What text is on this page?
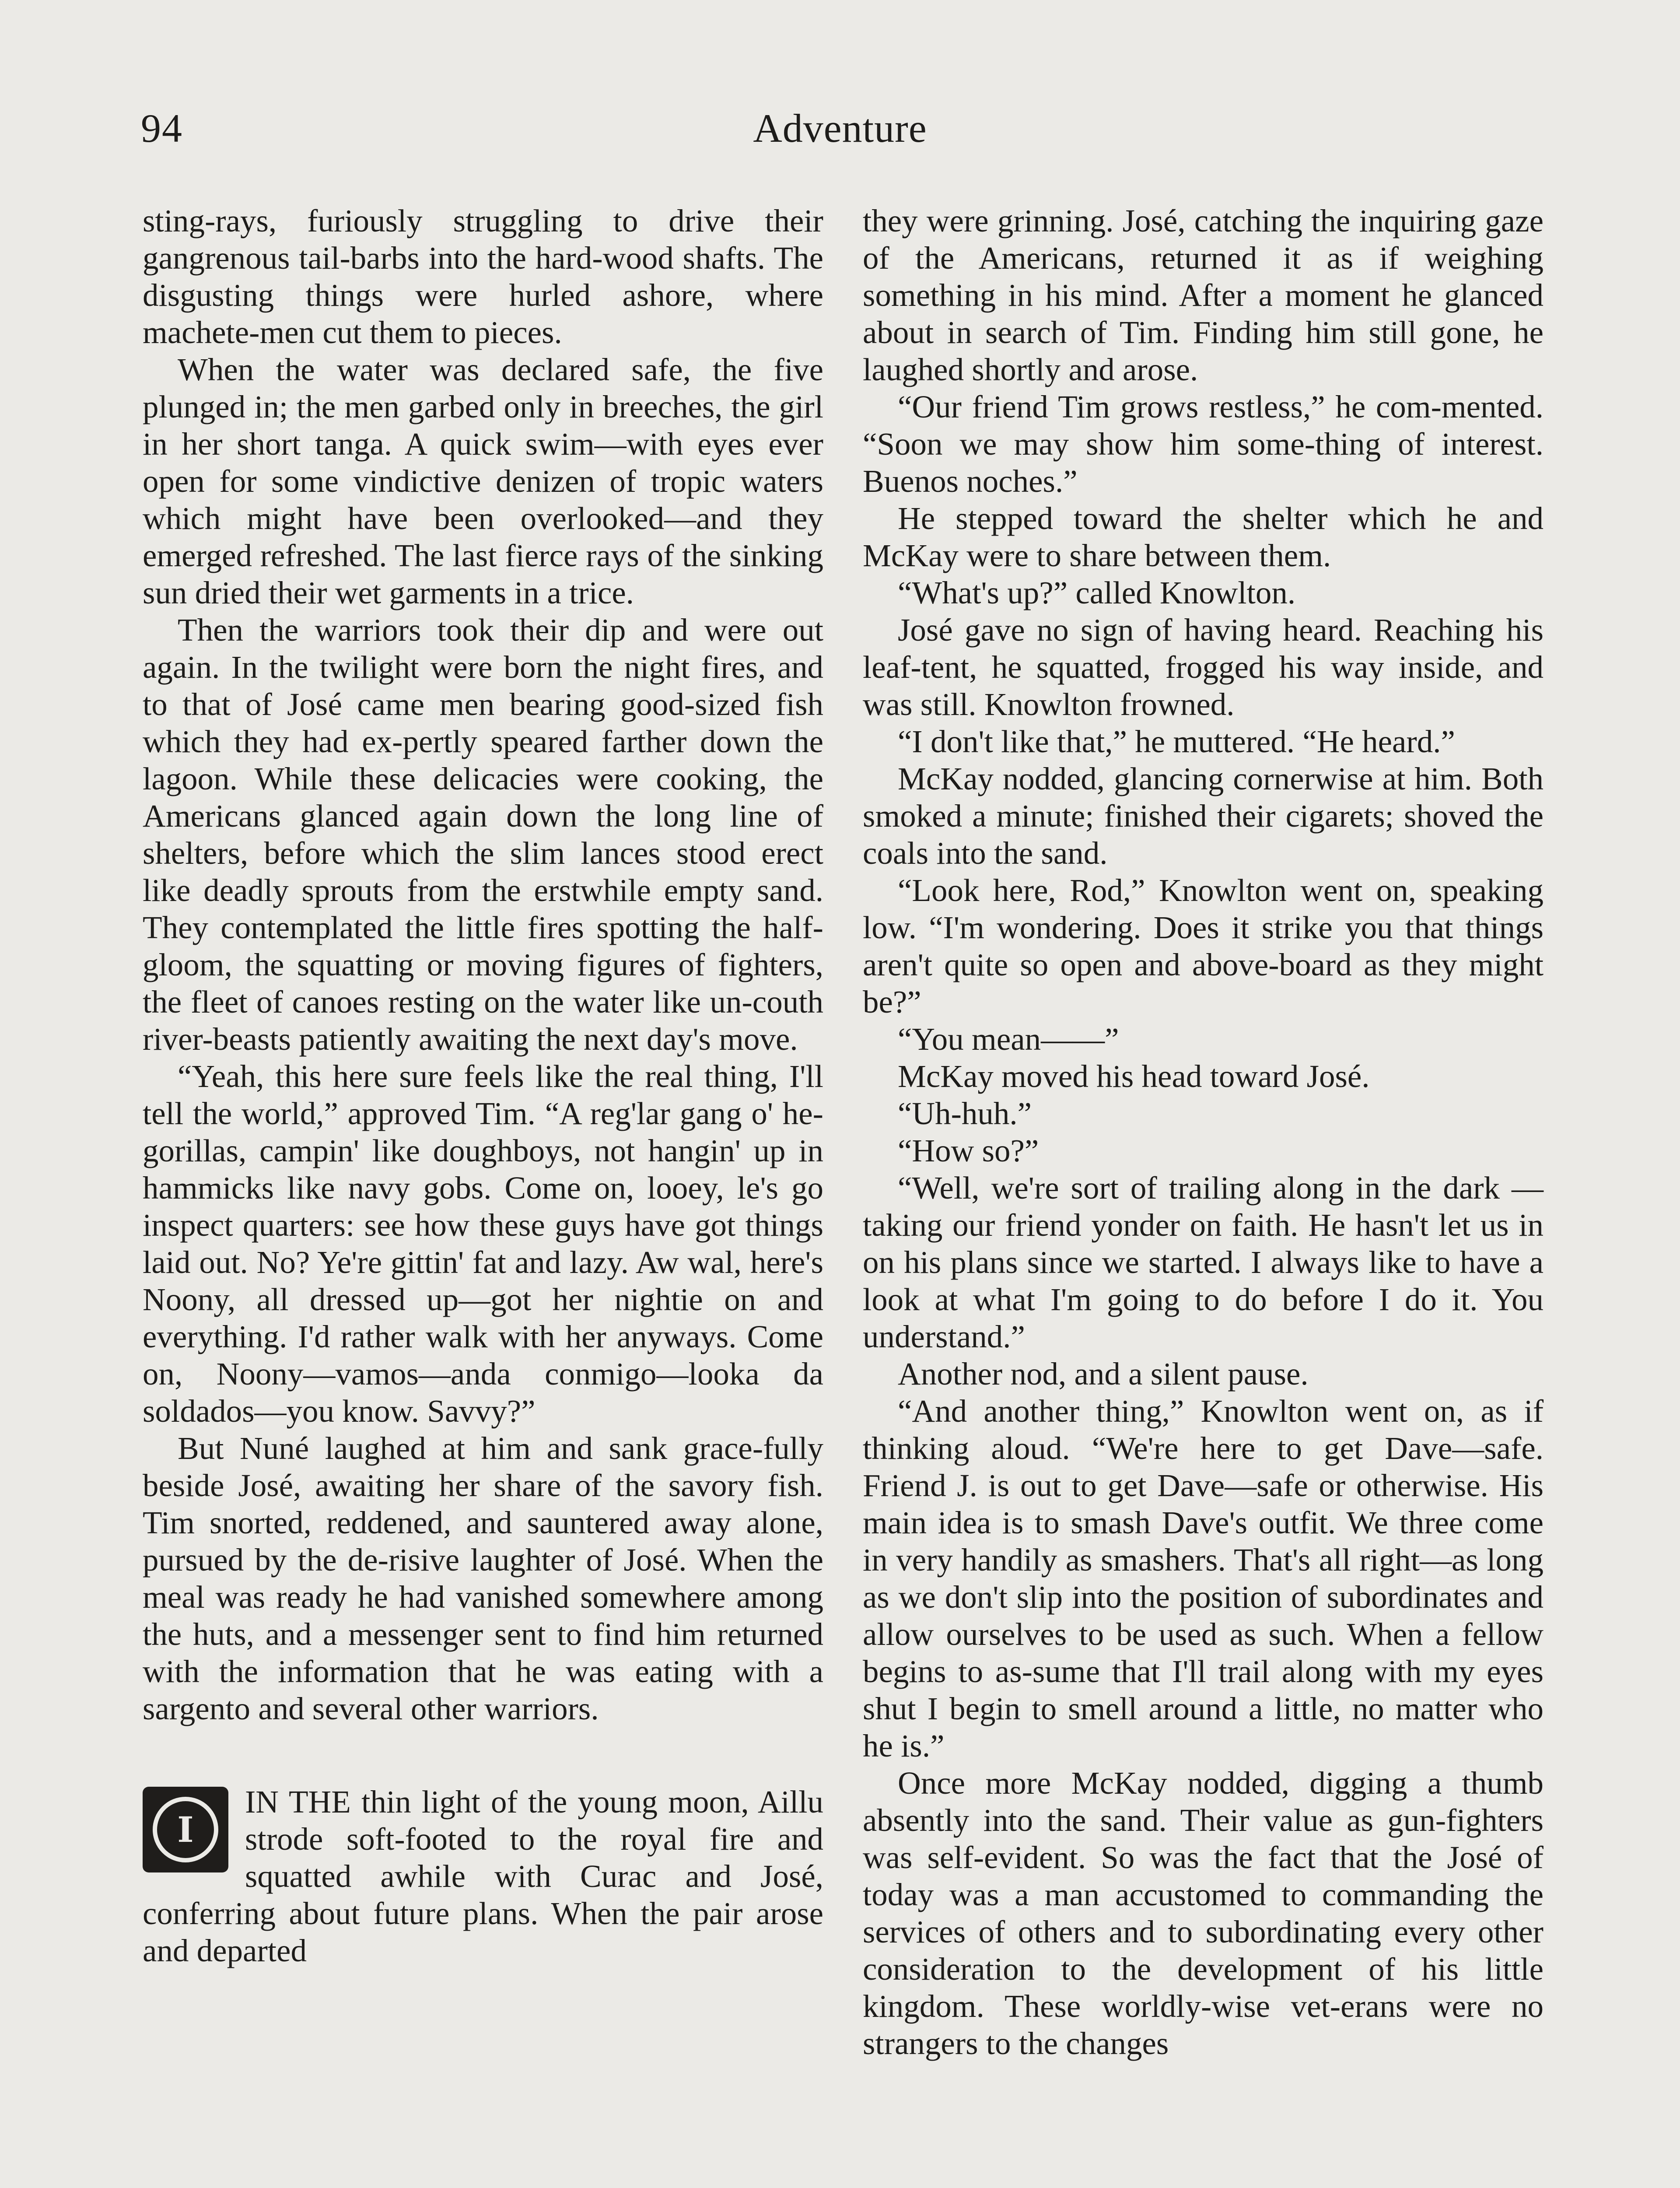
94	Adventure

sting-rays, furiously struggling to drive their gangrenous tail-barbs into the hard-wood shafts. The disgusting things were hurled ashore, where machete-men cut them to pieces.

When the water was declared safe, the five plunged in; the men garbed only in breeches, the girl in her short tanga. A quick swim—with eyes ever open for some vindictive denizen of tropic waters which might have been overlooked—and they emerged refreshed. The last fierce rays of the sinking sun dried their wet garments in a trice.

Then the warriors took their dip and were out again. In the twilight were born the night fires, and to that of José came men bearing good-sized fish which they had ex-pertly speared farther down the lagoon. While these delicacies were cooking, the Americans glanced again down the long line of shelters, before which the slim lances stood erect like deadly sprouts from the erstwhile empty sand. They contemplated the little fires spotting the half-gloom, the squatting or moving figures of fighters, the fleet of canoes resting on the water like un-couth river-beasts patiently awaiting the next day's move.

“Yeah, this here sure feels like the real thing, I'll tell the world,” approved Tim. “A reg'lar gang o' he-gorillas, campin' like doughboys, not hangin' up in hammicks like navy gobs. Come on, looey, le's go inspect quarters: see how these guys have got things laid out. No? Ye're gittin' fat and lazy. Aw wal, here's Noony, all dressed up—got her nightie on and everything. I'd rather walk with her anyways. Come on, Noony—vamos—anda conmigo—looka da soldados—you know. Savvy?”

But Nuné laughed at him and sank grace-fully beside José, awaiting her share of the savory fish. Tim snorted, reddened, and sauntered away alone, pursued by the de-risive laughter of José. When the meal was ready he had vanished somewhere among the huts, and a messenger sent to find him returned with the information that he was eating with a sargento and several other warriors.

I
IN THE thin light of the young moon, Aillu strode soft-footed to the royal fire and squatted awhile with Curac and José, conferring about future plans. When the pair arose and departed

they were grinning. José, catching the inquiring gaze of the Americans, returned it as if weighing something in his mind. After a moment he glanced about in search of Tim. Finding him still gone, he laughed shortly and arose.

“Our friend Tim grows restless,” he com-mented. “Soon we may show him some-thing of interest. Buenos noches.”

He stepped toward the shelter which he and McKay were to share between them.

“What's up?” called Knowlton.

José gave no sign of having heard. Reaching his leaf-tent, he squatted, frogged his way inside, and was still. Knowlton frowned.

“I don't like that,” he muttered. “He heard.”

McKay nodded, glancing cornerwise at him. Both smoked a minute; finished their cigarets; shoved the coals into the sand.

“Look here, Rod,” Knowlton went on, speaking low. “I'm wondering. Does it strike you that things aren't quite so open and above-board as they might be?”

“You mean——”

McKay moved his head toward José.

“Uh-huh.”

“How so?”

“Well, we're sort of trailing along in the dark — taking our friend yonder on faith. He hasn't let us in on his plans since we started. I always like to have a look at what I'm going to do before I do it. You understand.”

Another nod, and a silent pause.

“And another thing,” Knowlton went on, as if thinking aloud. “We're here to get Dave—safe. Friend J. is out to get Dave—safe or otherwise. His main idea is to smash Dave's outfit. We three come in very handily as smashers. That's all right—as long as we don't slip into the position of subordinates and allow ourselves to be used as such. When a fellow begins to as-sume that I'll trail along with my eyes shut I begin to smell around a little, no matter who he is.”

Once more McKay nodded, digging a thumb absently into the sand. Their value as gun-fighters was self-evident. So was the fact that the José of today was a man accustomed to commanding the services of others and to subordinating every other consideration to the development of his little kingdom. These worldly-wise vet-erans were no strangers to the changes
